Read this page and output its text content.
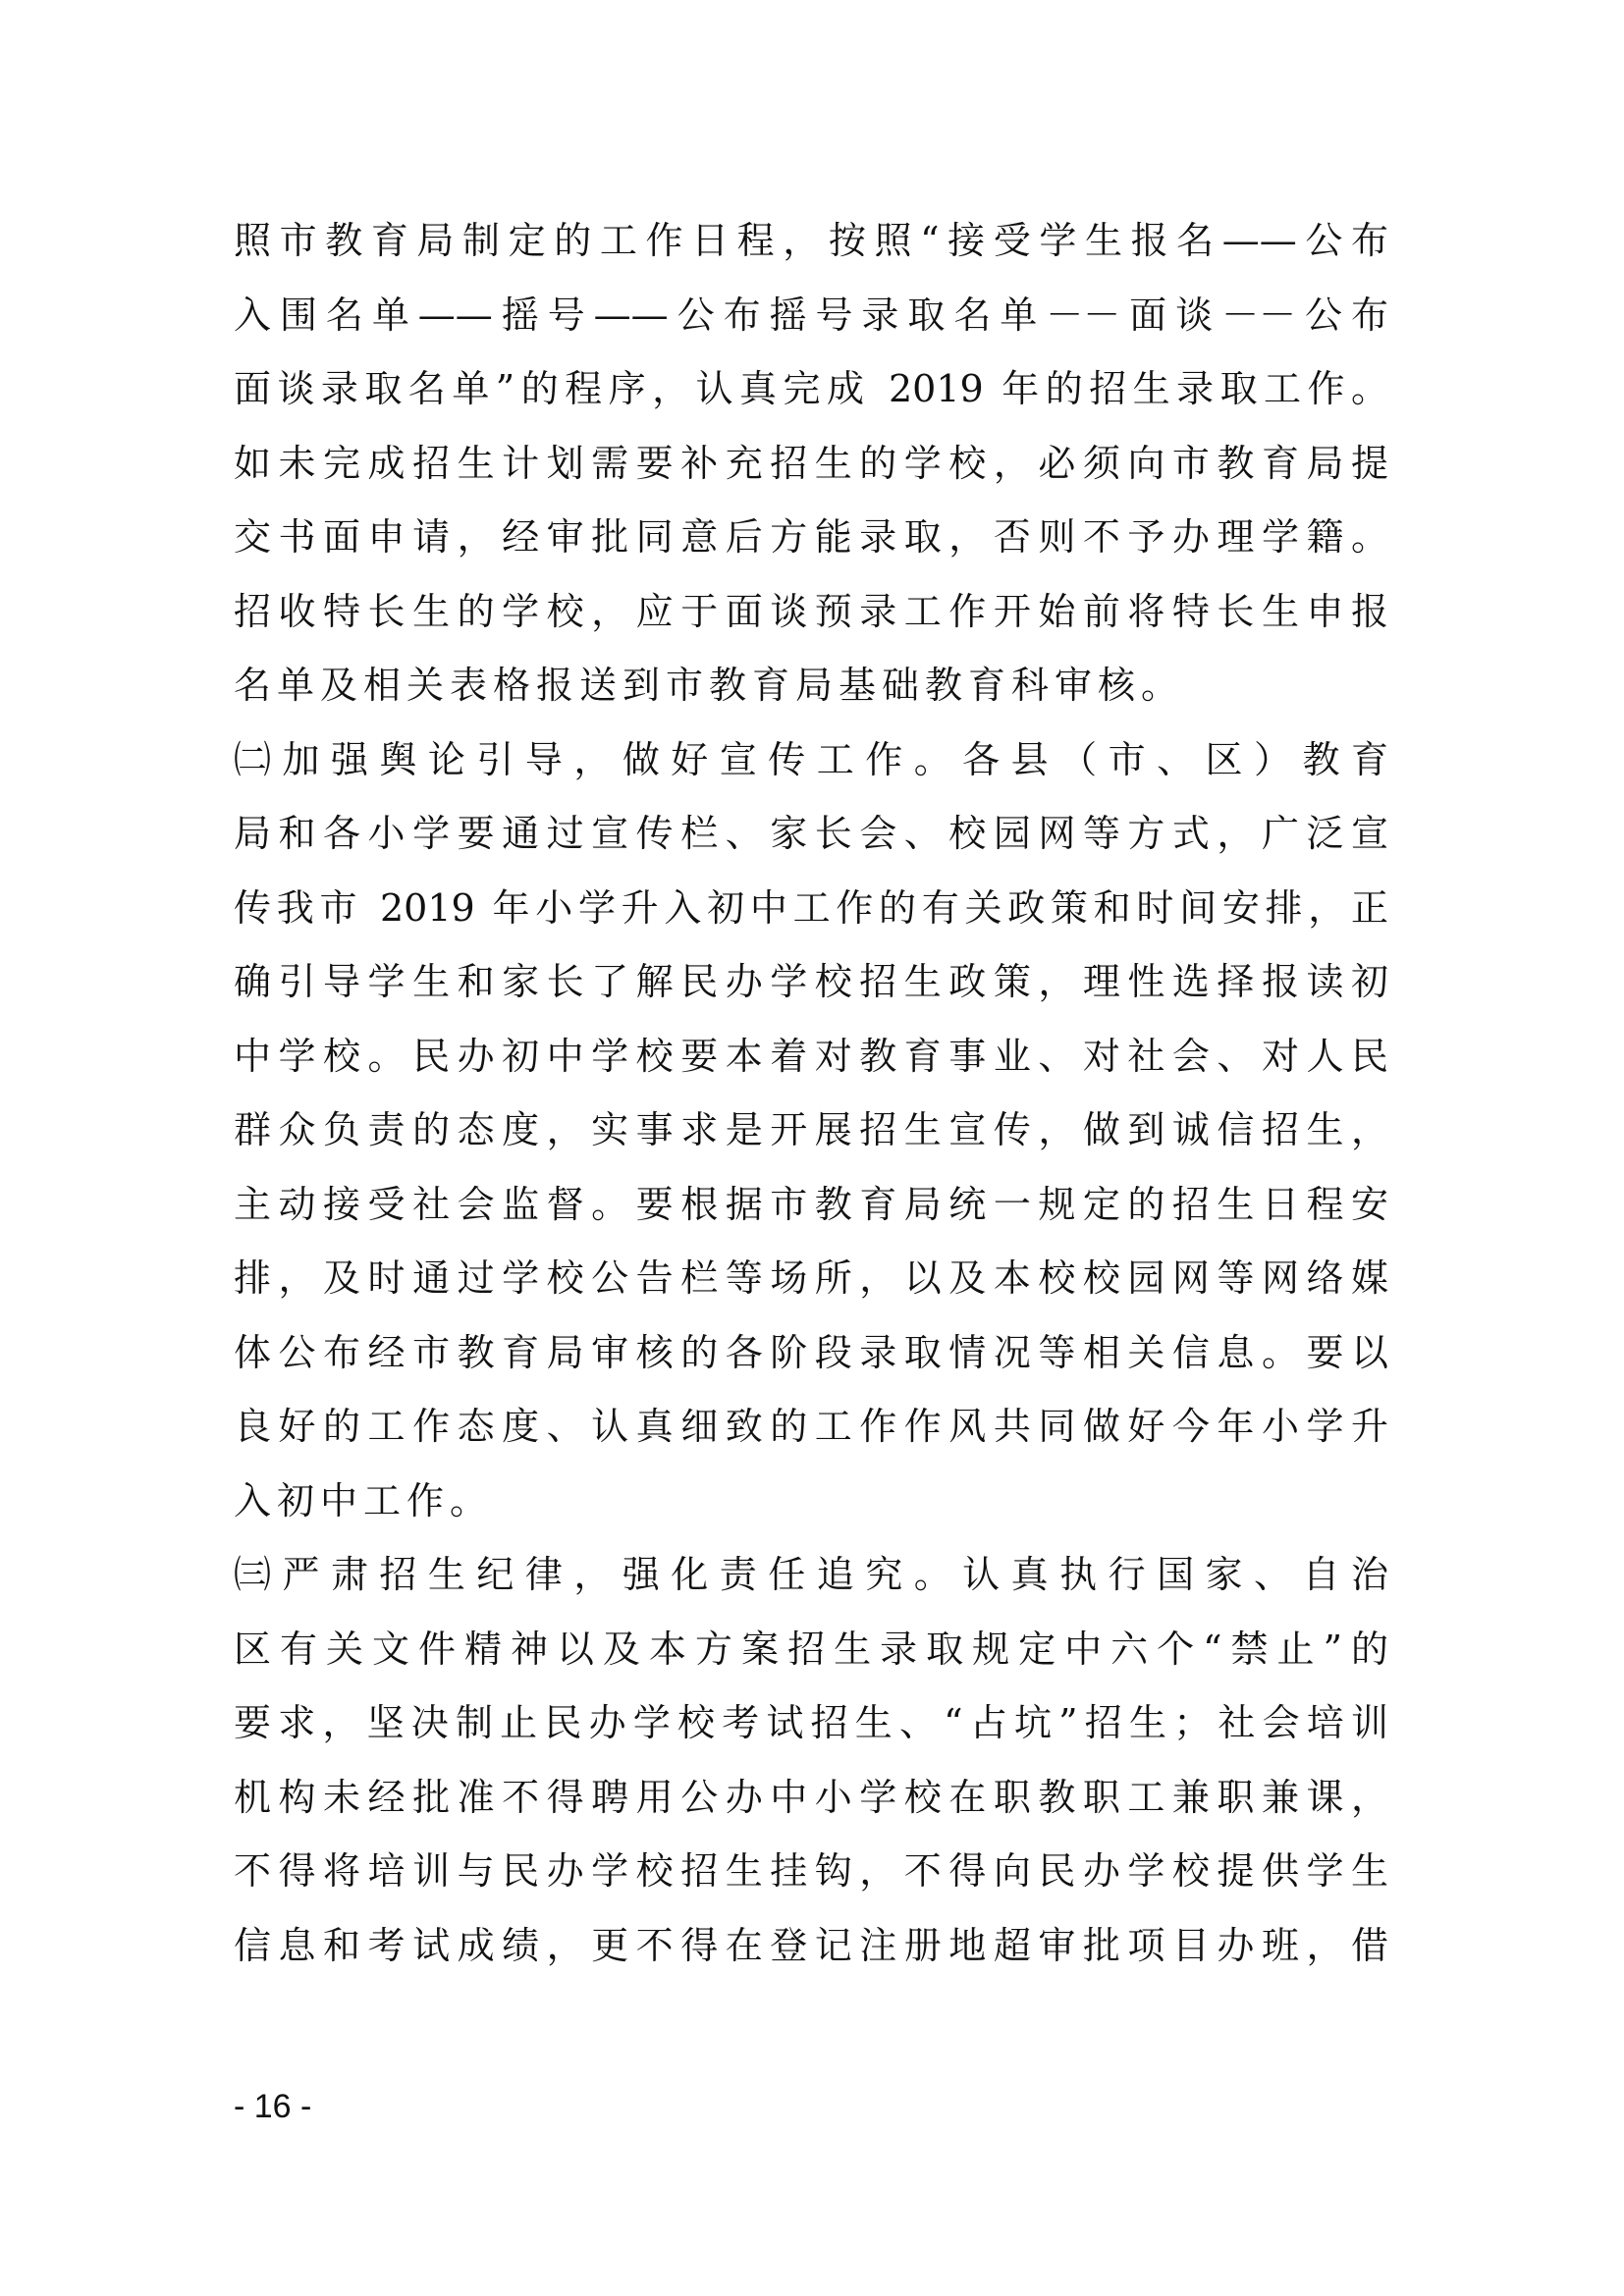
照市教育局制定的工作日程，按照“接受学生报名——公布
入围名单——摇号——公布摇号录取名单－－面谈－－公布
面谈录取名单”的程序，认真完成 2019 年的招生录取工作。
如未完成招生计划需要补充招生的学校，必须向市教育局提
交书面申请，经审批同意后方能录取，否则不予办理学籍。
招收特长生的学校，应于面谈预录工作开始前将特长生申报
名单及相关表格报送到市教育局基础教育科审核。
㈡加强舆论引导，做好宣传工作。各县（市、区）教育
局和各小学要通过宣传栏、家长会、校园网等方式，广泛宣
传我市 2019 年小学升入初中工作的有关政策和时间安排，正
确引导学生和家长了解民办学校招生政策，理性选择报读初
中学校。民办初中学校要本着对教育事业、对社会、对人民
群众负责的态度，实事求是开展招生宣传，做到诚信招生，
主动接受社会监督。要根据市教育局统一规定的招生日程安
排，及时通过学校公告栏等场所，以及本校校园网等网络媒
体公布经市教育局审核的各阶段录取情况等相关信息。要以
良好的工作态度、认真细致的工作作风共同做好今年小学升
入初中工作。
㈢严肃招生纪律，强化责任追究。认真执行国家、自治
区有关文件精神以及本方案招生录取规定中六个“禁止”的
要求，坚决制止民办学校考试招生、“占坑”招生；社会培训
机构未经批准不得聘用公办中小学校在职教职工兼职兼课，
不得将培训与民办学校招生挂钩，不得向民办学校提供学生
信息和考试成绩，更不得在登记注册地超审批项目办班，借
- 16 -
